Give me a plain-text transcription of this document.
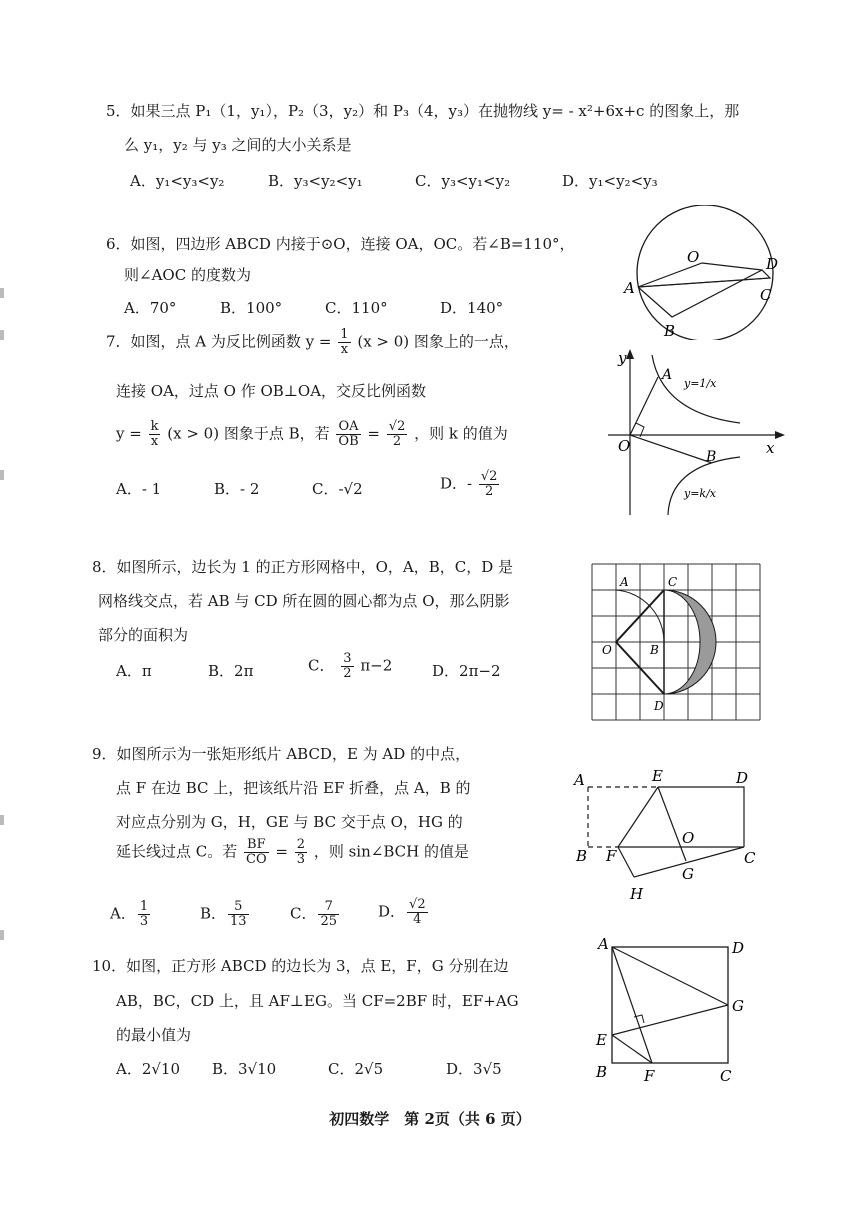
5．如果三点 P₁（1，y₁），P₂（3，y₂）和 P₃（4，y₃）在抛物线 y= - x²+6x+c 的图象上，那
么 y₁，y₂ 与 y₃ 之间的大小关系是
A．y₁<y₃<y₂	B．y₃<y₂<y₁	C．y₃<y₁<y₂	D．y₁<y₂<y₃
6．如图，四边形 ABCD 内接于⊙O，连接 OA，OC。若∠B=110°，
则∠AOC 的度数为
A．70°	B．100°	C．110°	D．140°
O
A
B
C
D
7．如图，点 A 为反比例函数 $y = \frac{1}{x} (x > 0)$ 图象上的一点，
连接 OA，过点 O 作 OB⊥OA，交反比例函数
$y = \frac{k}{x} (x > 0)$ 图象于点 B，若 $\frac{OA}{OB} = \frac{√2}{2}$ ，则 k 的值为
A．- 1	B．- 2	C．-√2	D．- $\frac{√2}{2}$
y
x
O
A
B
y=1/x
y=k/x
8．如图所示，边长为 1 的正方形网格中，O，A，B，C，D 是
网格线交点，若 AB 与 CD 所在圆的圆心都为点 O，那么阴影
部分的面积为
A．π	B．2π	C． $\frac{3}{2} \pi-2$	D．2π−2
A	C
O	B
D
9．如图所示为一张矩形纸片 ABCD，E 为 AD 的中点，
点 F 在边 BC 上，把该纸片沿 EF 折叠，点 A，B 的
对应点分别为 G，H，GE 与 BC 交于点 O，HG 的
延长线过点 C。若 $\frac{BF}{CO} = \frac{2}{3}$ ，则 sin∠BCH 的值是
A． $\frac{1}{3}$	B． $\frac{5}{13}$	C． $\frac{7}{25}$	D． $\frac{√2}{4}$
A	E	D
B F
O
C
G
H
10．如图，正方形 ABCD 的边长为 3，点 E，F，G 分别在边
AB，BC，CD 上，且 AF⊥EG。当 CF=2BF 时，EF+AG
的最小值为
A．2√10 B．3√10	C．2√5	D．3√5
A	D
G
E
B F	C
初四数学　第 2页（共 6 页）
